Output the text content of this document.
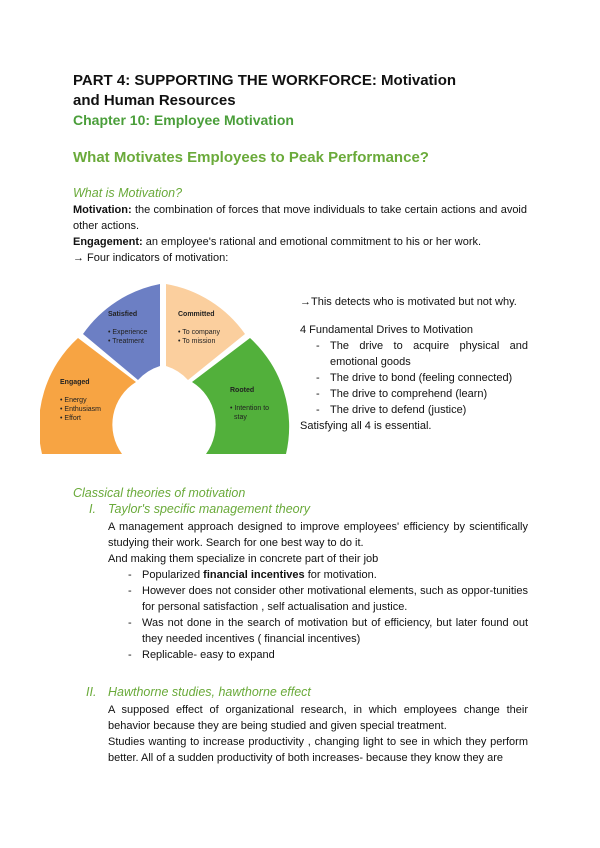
PART 4: SUPPORTING THE WORKFORCE: Motivation
and Human Resources
Chapter 10: Employee Motivation
What Motivates Employees to Peak Performance?
What is Motivation?
Motivation: the combination of forces that move individuals to take certain actions and avoid other actions.
Engagement: an employee's rational and emotional commitment to his or her work.
→ Four indicators of motivation:
Satisfied
• Experience
• Treatment
Committed
• To company
• To mission
Engaged
• Energy
• Enthusiasm
• Effort
Rooted
• Intention to
stay
→This detects who is motivated but not why.
4 Fundamental Drives to Motivation
- The drive to acquire physical and emotional goods
- The drive to bond (feeling connected)
- The drive to comprehend (learn)
- The drive to defend (justice)
Satisfying all 4 is essential.
Classical theories of motivation
I. Taylor's specific management theory
A management approach designed to improve employees' efficiency by scientifically studying their work. Search for one best way to do it.
And making them specialize in concrete part of their job
- Popularized financial incentives for motivation.
- However does not consider other motivational elements, such as oppor-tunities for personal satisfaction , self actualisation and justice.
- Was not done in the search of motivation but of efficiency, but later found out they needed incentives ( financial incentives)
- Replicable- easy to expand
II. Hawthorne studies, hawthorne effect
A supposed effect of organizational research, in which employees change their behavior because they are being studied and given special treatment.
Studies wanting to increase productivity , changing light to see in which they perform better. All of a sudden productivity of both increases- because they know they are
